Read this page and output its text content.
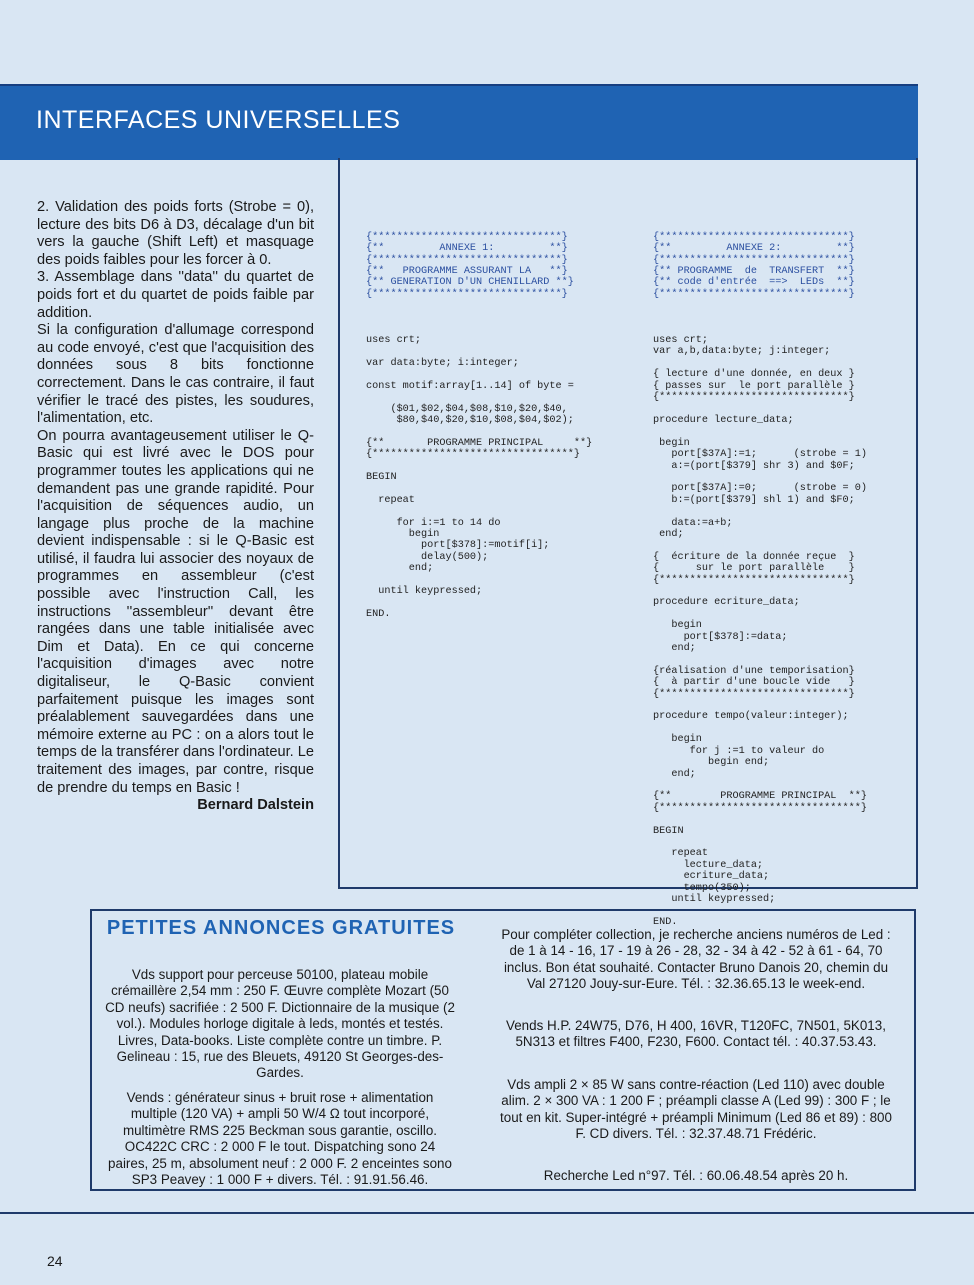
INTERFACES UNIVERSELLES

2. Validation des poids forts (Strobe = 0), lecture des bits D6 à D3, décalage d'un bit vers la gauche (Shift Left) et masquage des poids faibles pour les forcer à 0.

3. Assemblage dans ''data'' du quartet de poids fort et du quartet de poids faible par addition.

Si la configuration d'allumage correspond au code envoyé, c'est que l'acquisition des données sous 8 bits fonctionne correctement. Dans le cas contraire, il faut vérifier le tracé des pistes, les soudures, l'alimentation, etc.

On pourra avantageusement utiliser le Q-Basic qui est livré avec le DOS pour programmer toutes les applications qui ne demandent pas une grande rapidité. Pour l'acquisition de séquences audio, un langage plus proche de la machine devient indispensable : si le Q-Basic est utilisé, il faudra lui associer des noyaux de programmes en assembleur (c'est possible avec l'instruction Call, les instructions ''assembleur'' devant être rangées dans une table initialisée avec Dim et Data). En ce qui concerne l'acquisition d'images avec notre digitaliseur, le Q-Basic convient parfaitement puisque les images sont préalablement sauvegardées dans une mémoire externe au PC : on a alors tout le temps de la transférer dans l'ordinateur. Le traitement des images, par contre, risque de prendre du temps en Basic !

Bernard Dalstein

{*******************************}
{**         ANNEXE 1:         **}
{*******************************}
{**   PROGRAMME ASSURANT LA   **}
{** GENERATION D'UN CHENILLARD **}
{*******************************}

uses crt;

var data:byte; i:integer;

const motif:array[1..14] of byte =

($01,$02,$04,$08,$10,$20,$40,
$80,$40,$20,$10,$08,$04,$02);

{**       PROGRAMME PRINCIPAL     **}
{*********************************}

BEGIN

repeat

for i:=1 to 14 do
begin
port[$378]:=motif[i];
delay(500);
end;

until keypressed;

END.

{*******************************}
{**         ANNEXE 2:         **}
{*******************************}
{** PROGRAMME  de  TRANSFERT  **}
{** code d'entrée  ==>  LEDs  **}
{*******************************}

uses crt;
var a,b,data:byte; j:integer;

{ lecture d'une donnée, en deux }
{ passes sur  le port parallèle }
{*******************************}

procedure lecture_data;

begin
port[$37A]:=1;      (strobe = 1)
a:=(port[$379] shr 3) and $0F;

port[$37A]:=0;      (strobe = 0)
b:=(port[$379] shl 1) and $F0;

data:=a+b;
end;

{  écriture de la donnée reçue  }
{      sur le port parallèle    }
{*******************************}

procedure ecriture_data;

begin
port[$378]:=data;
end;

{réalisation d'une temporisation}
{  à partir d'une boucle vide   }
{*******************************}

procedure tempo(valeur:integer);

begin
for j :=1 to valeur do
begin end;
end;

{**        PROGRAMME PRINCIPAL  **}
{*********************************}

BEGIN

repeat
lecture_data;
ecriture_data;
tempo(350);
until keypressed;

END.

PETITES ANNONCES GRATUITES

Vds support pour perceuse 50100, plateau mobile crémaillère 2,54 mm : 250 F. Œuvre complète Mozart (50 CD neufs) sacrifiée : 2 500 F. Dictionnaire de la musique (2 vol.). Modules horloge digitale à leds, montés et testés. Livres, Data-books. Liste complète contre un timbre. P. Gelineau : 15, rue des Bleuets, 49120 St Georges-des-Gardes.

Vends : générateur sinus + bruit rose + alimentation multiple (120 VA) + ampli 50 W/4 Ω tout incorporé, multimètre RMS 225 Beckman sous garantie, oscillo. OC422C CRC : 2 000 F le tout. Dispatching sono 24 paires, 25 m, absolument neuf : 2 000 F. 2 enceintes sono SP3 Peavey : 1 000 F + divers. Tél. : 91.91.56.46.

Pour compléter collection, je recherche anciens numéros de Led : de 1 à 14 - 16, 17 - 19 à 26 - 28, 32 - 34 à 42 - 52 à 61 - 64, 70 inclus. Bon état souhaité. Contacter Bruno Danois 20, chemin du Val 27120 Jouy-sur-Eure. Tél. : 32.36.65.13 le week-end.

Vends H.P. 24W75, D76, H 400, 16VR, T120FC, 7N501, 5K013, 5N313 et filtres F400, F230, F600. Contact tél. : 40.37.53.43.

Vds ampli 2 × 85 W sans contre-réaction (Led 110) avec double alim. 2 × 300 VA : 1 200 F ; préampli classe A (Led 99) : 300 F ; le tout en kit. Super-intégré + préampli Minimum (Led 86 et 89) : 800 F. CD divers. Tél. : 32.37.48.71 Frédéric.

Recherche Led n°97. Tél. : 60.06.48.54 après 20 h.

24
